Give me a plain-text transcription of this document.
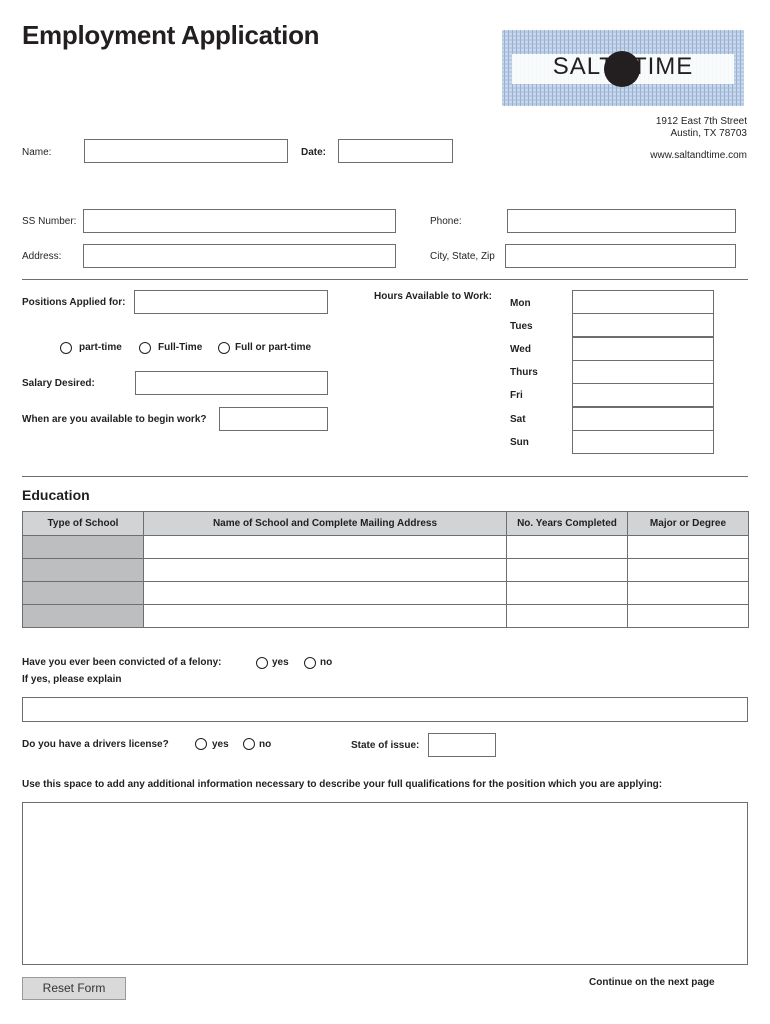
Employment Application
SALT&TIME
1912 East 7th Street
Austin, TX 78703
www.saltandtime.com
Name:	Date:
SS Number:	Phone:
Address:	City, State, Zip
Positions Applied for:
part-time	Full-Time	Full or part-time
Salary Desired:
When are you available to begin work?
Hours Available to Work:
Mon
Tues
Wed
Thurs
Fri
Sat
Sun
Education
Type of School	Name of School and Complete Mailing Address	No. Years Completed	Major or Degree

Have you ever been convicted of a felony:	yes	no
If yes, please explain
Do you have a drivers license?	yes	no	State of issue:
Use this space to add any additional information necessary to describe your full qualifications for the position which you are applying:
Reset Form	Continue on the next page
